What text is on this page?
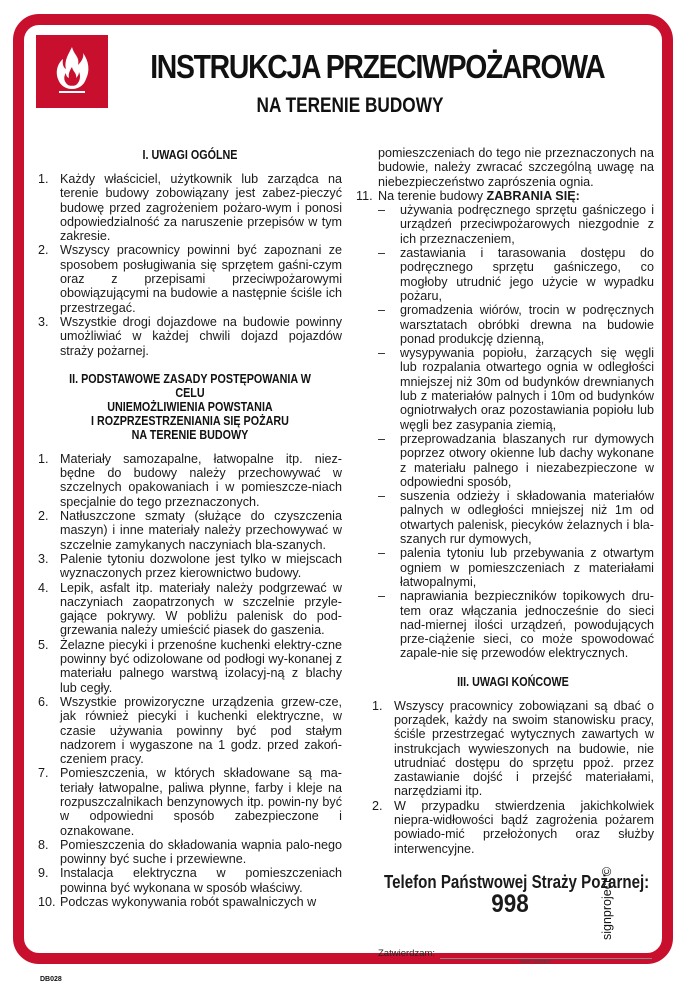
INSTRUKCJA PRZECIWPOŻAROWA
NA TERENIE BUDOWY
I. UWAGI OGÓLNE
1. Każdy właściciel, użytkownik lub zarządca na terenie budowy zobowiązany jest zabez-pieczyć budowę przed zagrożeniem pożaro-wym i ponosi odpowiedzialność za naruszenie przepisów w tym zakresie.
2. Wszyscy pracownicy powinni być zapoznani ze sposobem posługiwania się sprzętem gaśni-czym oraz z przepisami przeciwpożarowymi obowiązującymi na budowie a następnie ściśle ich przestrzegać.
3. Wszystkie drogi dojazdowe na budowie powinny umożliwiać w każdej chwili dojazd pojazdów straży pożarnej.
II. PODSTAWOWE ZASADY POSTĘPOWANIA W CELU
UNIEMOŻLIWIENIA POWSTANIA
I ROZPRZESTRZENIANIA SIĘ POŻARU
NA TERENIE BUDOWY
1. Materiały samozapalne, łatwopalne itp. niez-będne do budowy należy przechowywać w szczelnych opakowaniach i w pomieszcze-niach specjalnie do tego przeznaczonych.
2. Natłuszczone szmaty (służące do czyszczenia maszyn) i inne materiały należy przechowywać w szczelnie zamykanych naczyniach bla-szanych.
3. Palenie tytoniu dozwolone jest tylko w miejscach wyznaczonych przez kierownictwo budowy.
4. Lepik, asfalt itp. materiały należy podgrzewać w naczyniach zaopatrzonych w szczelnie przyle-gające pokrywy. W pobliżu palenisk do pod-grzewania należy umieścić piasek do gaszenia.
5. Żelazne piecyki i przenośne kuchenki elektry-czne powinny być odizolowane od podłogi wy-konanej z materiału palnego warstwą izolacyj-ną z blachy lub cegły.
6. Wszystkie prowizoryczne urządzenia grzew-cze, jak również piecyki i kuchenki elektryczne, w czasie używania powinny być pod stałym nadzorem i wygaszone na 1 godz. przed zakoń-czeniem pracy.
7. Pomieszczenia, w których składowane są ma-teriały łatwopalne, paliwa płynne, farby i kleje na rozpuszczalnikach benzynowych itp. powin-ny być w odpowiedni sposób zabezpieczone i oznakowane.
8. Pomieszczenia do składowania wapnia palo-nego powinny być suche i przewiewne.
9. Instalacja elektryczna w pomieszczeniach powinna być wykonana w sposób właściwy.
10. Podczas wykonywania robót spawalniczych w
pomieszczeniach do tego nie przeznaczonych na budowie, należy zwracać szczególną uwagę na niebezpieczeństwo zaprószenia ognia.
11. Na terenie budowy ZABRANIA SIĘ:
– używania podręcznego sprzętu gaśniczego i urządzeń przeciwpożarowych niezgodnie z ich przeznaczeniem,
– zastawiania i tarasowania dostępu do podręcznego sprzętu gaśniczego, co mogłoby utrudnić jego użycie w wypadku pożaru,
– gromadzenia wiórów, trocin w podręcznych warsztatach obróbki drewna na budowie ponad produkcję dzienną,
– wysypywania popiołu, żarzących się węgli lub rozpalania otwartego ognia w odległości mniejszej niż 30m od budynków drewnianych lub z materiałów palnych i 10m od budynków ogniotrwałych oraz pozostawiania popiołu lub węgli bez zasypania ziemią,
– przeprowadzania blaszanych rur dymowych poprzez otwory okienne lub dachy wykonane z materiału palnego i niezabezpieczone w odpowiedni sposób,
– suszenia odzieży i składowania materiałów palnych w odległości mniejszej niż 1m od otwartych palenisk, piecyków żelaznych i bla-szanych rur dymowych,
– palenia tytoniu lub przebywania z otwartym ogniem w pomieszczeniach z materiałami łatwopalnymi,
– naprawiania bezpieczników topikowych dru-tem oraz włączania jednocześnie do sieci nad-miernej ilości urządzeń, powodujących prze-ciążenie sieci, co może spowodować zapale-nie się przewodów elektrycznych.
III. UWAGI KOŃCOWE
1. Wszyscy pracownicy zobowiązani są dbać o porządek, każdy na swoim stanowisku pracy, ściśle przestrzegać wytycznych zawartych w instrukcjach wywieszonych na budowie, nie utrudniać dostępu do sprzętu ppoż. przez zastawianie dojść i przejść materiałami, narzędziami itp.
2. W przypadku stwierdzenia jakichkolwiek niepra-widłowości bądź zagrożenia pożarem powiado-mić przełożonych oraz służby interwencyjne.
Telefon Państwowej Straży Pożarnej:
998	signproject ©
Zatwierdzam:
data i podpis
DB028
